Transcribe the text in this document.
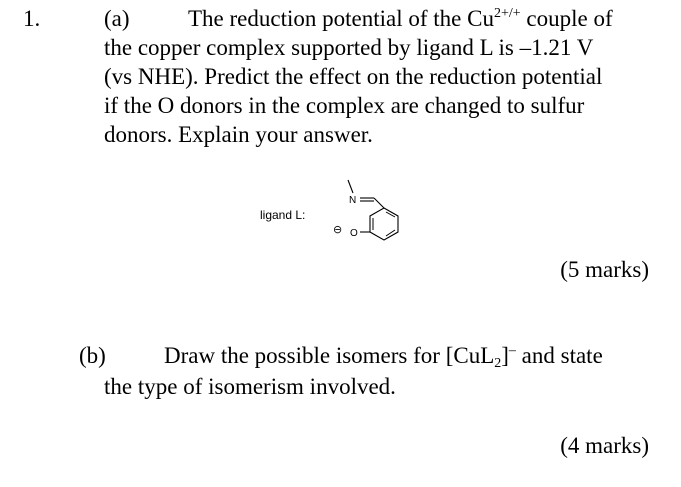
1.	(a)	The reduction potential of the $Cu^{2+/+}$ couple of
the copper complex supported by ligand L is –1.21 V
(vs NHE). Predict the effect on the reduction potential
if the O donors in the complex are changed to sulfur
donors. Explain your answer.
ligand L:
N
O
⊖
(5 marks)
(b)	Draw the possible isomers for [CuL$_2$]– and state
the type of isomerism involved.
(4 marks)
